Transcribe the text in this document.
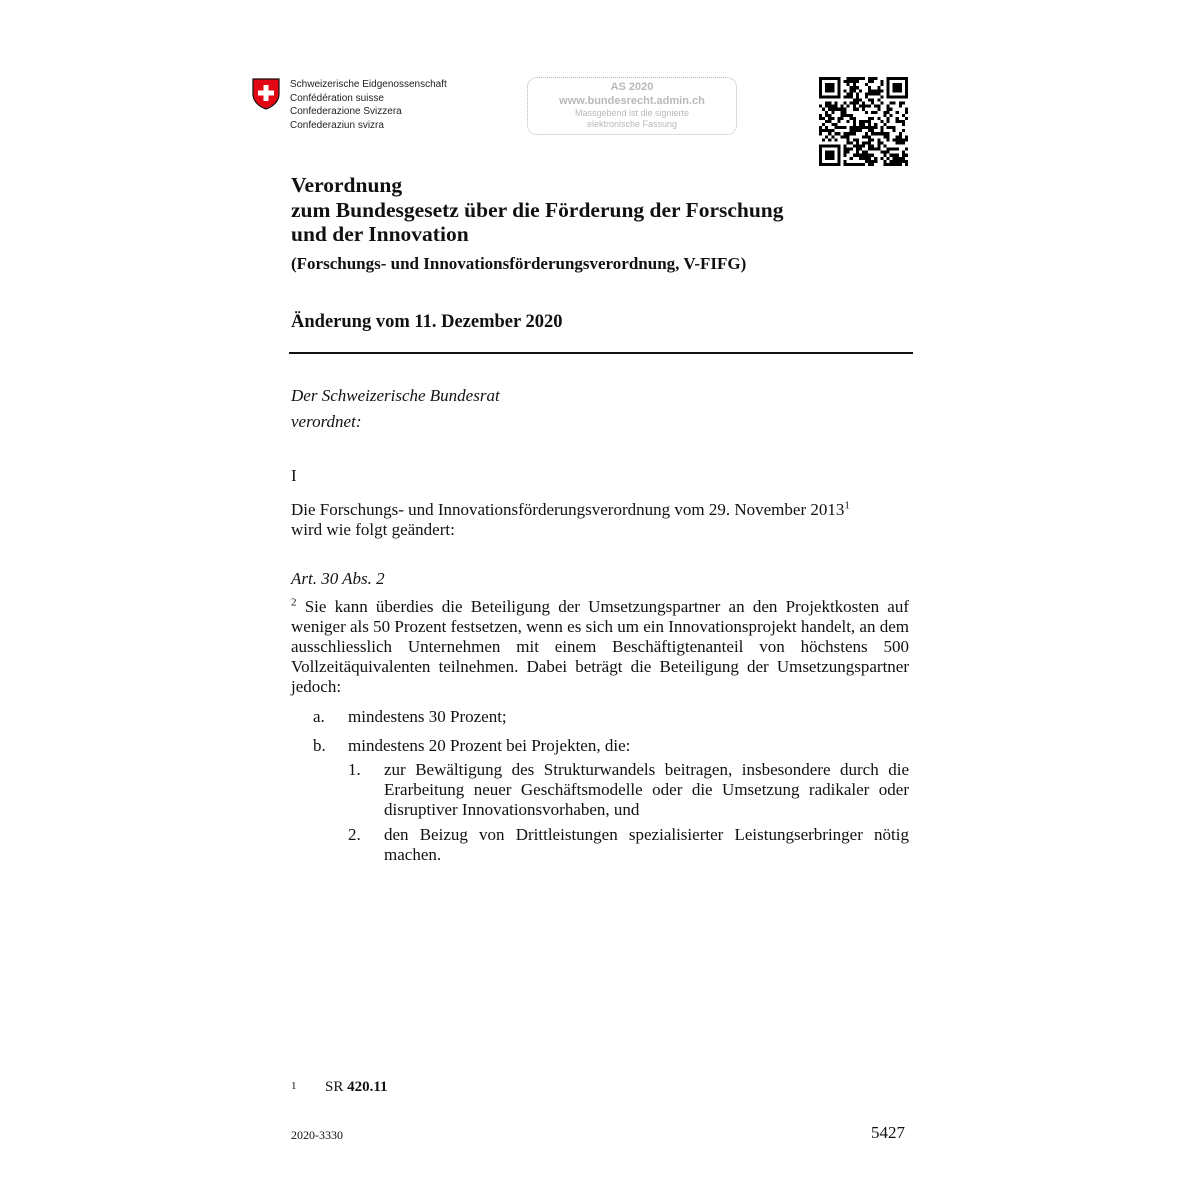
Schweizerische Eidgenossenschaft
Confédération suisse
Confederazione Svizzera
Confederaziun svizra
AS 2020
www.bundesrecht.admin.ch
Massgebend ist die signierte
elektronische Fassung
Verordnung
zum Bundesgesetz über die Förderung der Forschung
und der Innovation
(Forschungs- und Innovationsförderungsverordnung, V-FIFG)
Änderung vom 11. Dezember 2020
Der Schweizerische Bundesrat
verordnet:
I
Die Forschungs- und Innovationsförderungsverordnung vom 29. November 2013$^1$
wird wie folgt geändert:
Art. 30 Abs. 2
$^2$ Sie kann überdies die Beteiligung der Umsetzungspartner an den Projektkosten auf weniger als 50 Prozent festsetzen, wenn es sich um ein Innovationsprojekt handelt, an dem ausschliesslich Unternehmen mit einem Beschäftigtenanteil von höchstens 500 Vollzeitäquivalenten teilnehmen. Dabei beträgt die Beteiligung der Umsetzungspartner jedoch:
a. mindestens 30 Prozent;
b. mindestens 20 Prozent bei Projekten, die:
1. zur Bewältigung des Strukturwandels beitragen, insbesondere durch die Erarbeitung neuer Geschäftsmodelle oder die Umsetzung radikaler oder disruptiver Innovationsvorhaben, und
2. den Beizug von Drittleistungen spezialisierter Leistungserbringer nötig machen.
1 SR 420.11
2020-3330	5427
